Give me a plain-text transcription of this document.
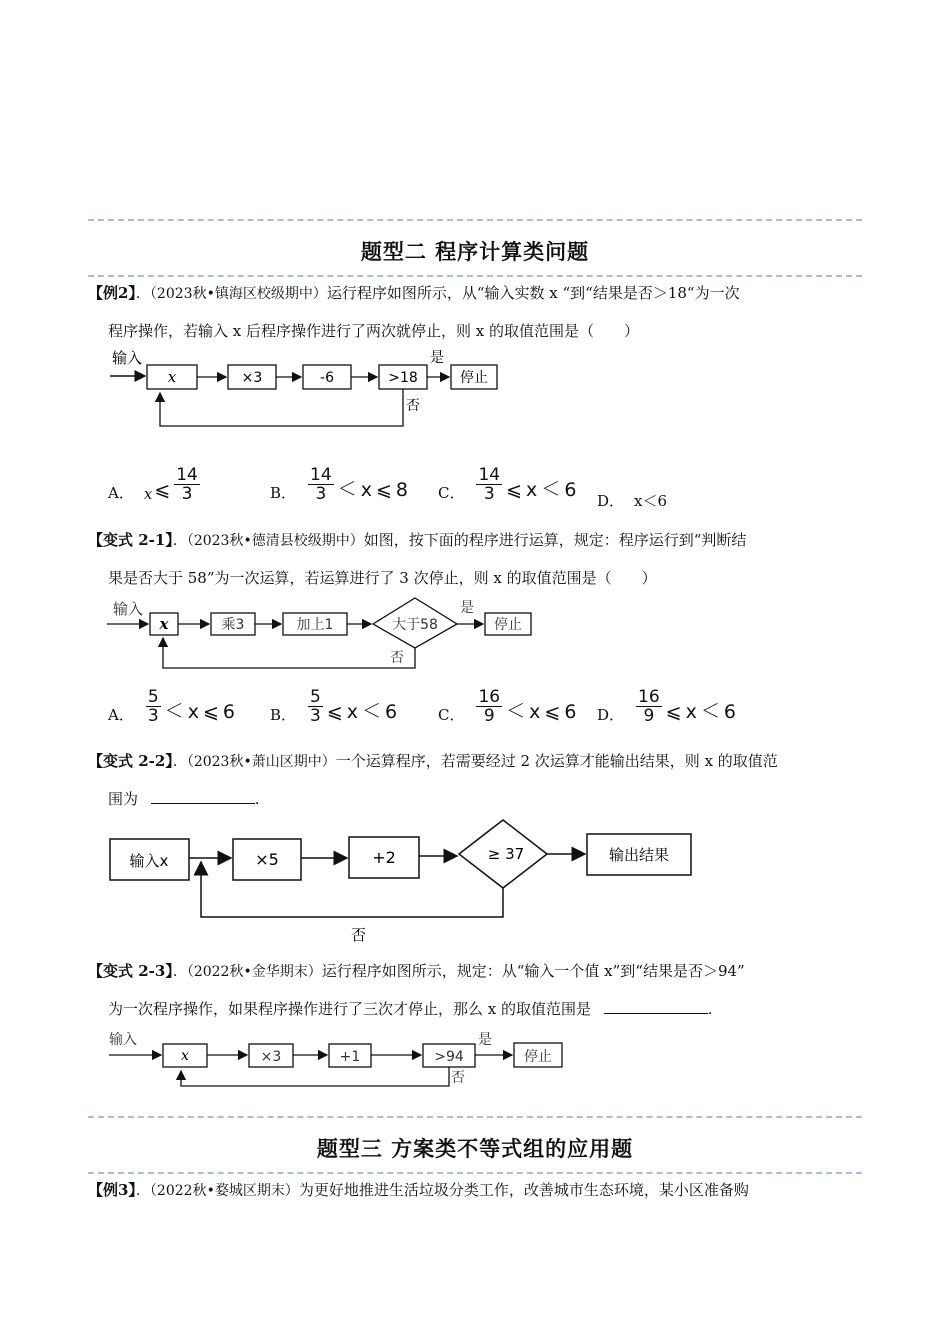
题型二 程序计算类问题
【例2】．（2023秋•镇海区校级期中）运行程序如图所示，从“输入实数 x “到“结果是否＞18“为一次
程序操作，若输入 x 后程序操作进行了两次就停止，则 x 的取值范围是（　　）
输入
x	×3	-6	>18
是
停止
否
A． x ⩽ $\frac{14}{3}$	B． $\frac{14}{3} < x$ ⩽ 8 C． $\frac{14}{3}$ ⩽ x ＜ 6 D． x＜6
【变式 2-1】．（2023秋•德清县校级期中）如图，按下面的程序进行运算，规定：程序运行到“判断结
果是否大于 58”为一次运算，若运算进行了 3 次停止，则 x 的取值范围是（　　）
输入
x	乘3	加上1	大于58
是
停止
否
A． $\frac{5}{3} < x$ ⩽ 6 B． $\frac{5}{3}$ ⩽ x ＜ 6	C． $\frac{16}{9} < x$ ⩽ 6 D． $\frac{16}{9}$ ⩽ x ＜ 6
【变式 2-2】．（2023秋•萧山区期中）一个运算程序，若需要经过 2 次运算才能输出结果，则 x 的取值范
围为	.
输入x	×5	+2	≥ 37	输出结果
否
【变式 2-3】．（2022秋•金华期末）运行程序如图所示，规定：从“输入一个值 x”到“结果是否＞94”
为一次程序操作，如果程序操作进行了三次才停止，那么 x 的取值范围是	.
输入
x	×3	+1	>94
是
停止
否
题型三 方案类不等式组的应用题
【例3】．（2022秋•婺城区期末）为更好地推进生活垃圾分类工作，改善城市生态环境，某小区准备购
